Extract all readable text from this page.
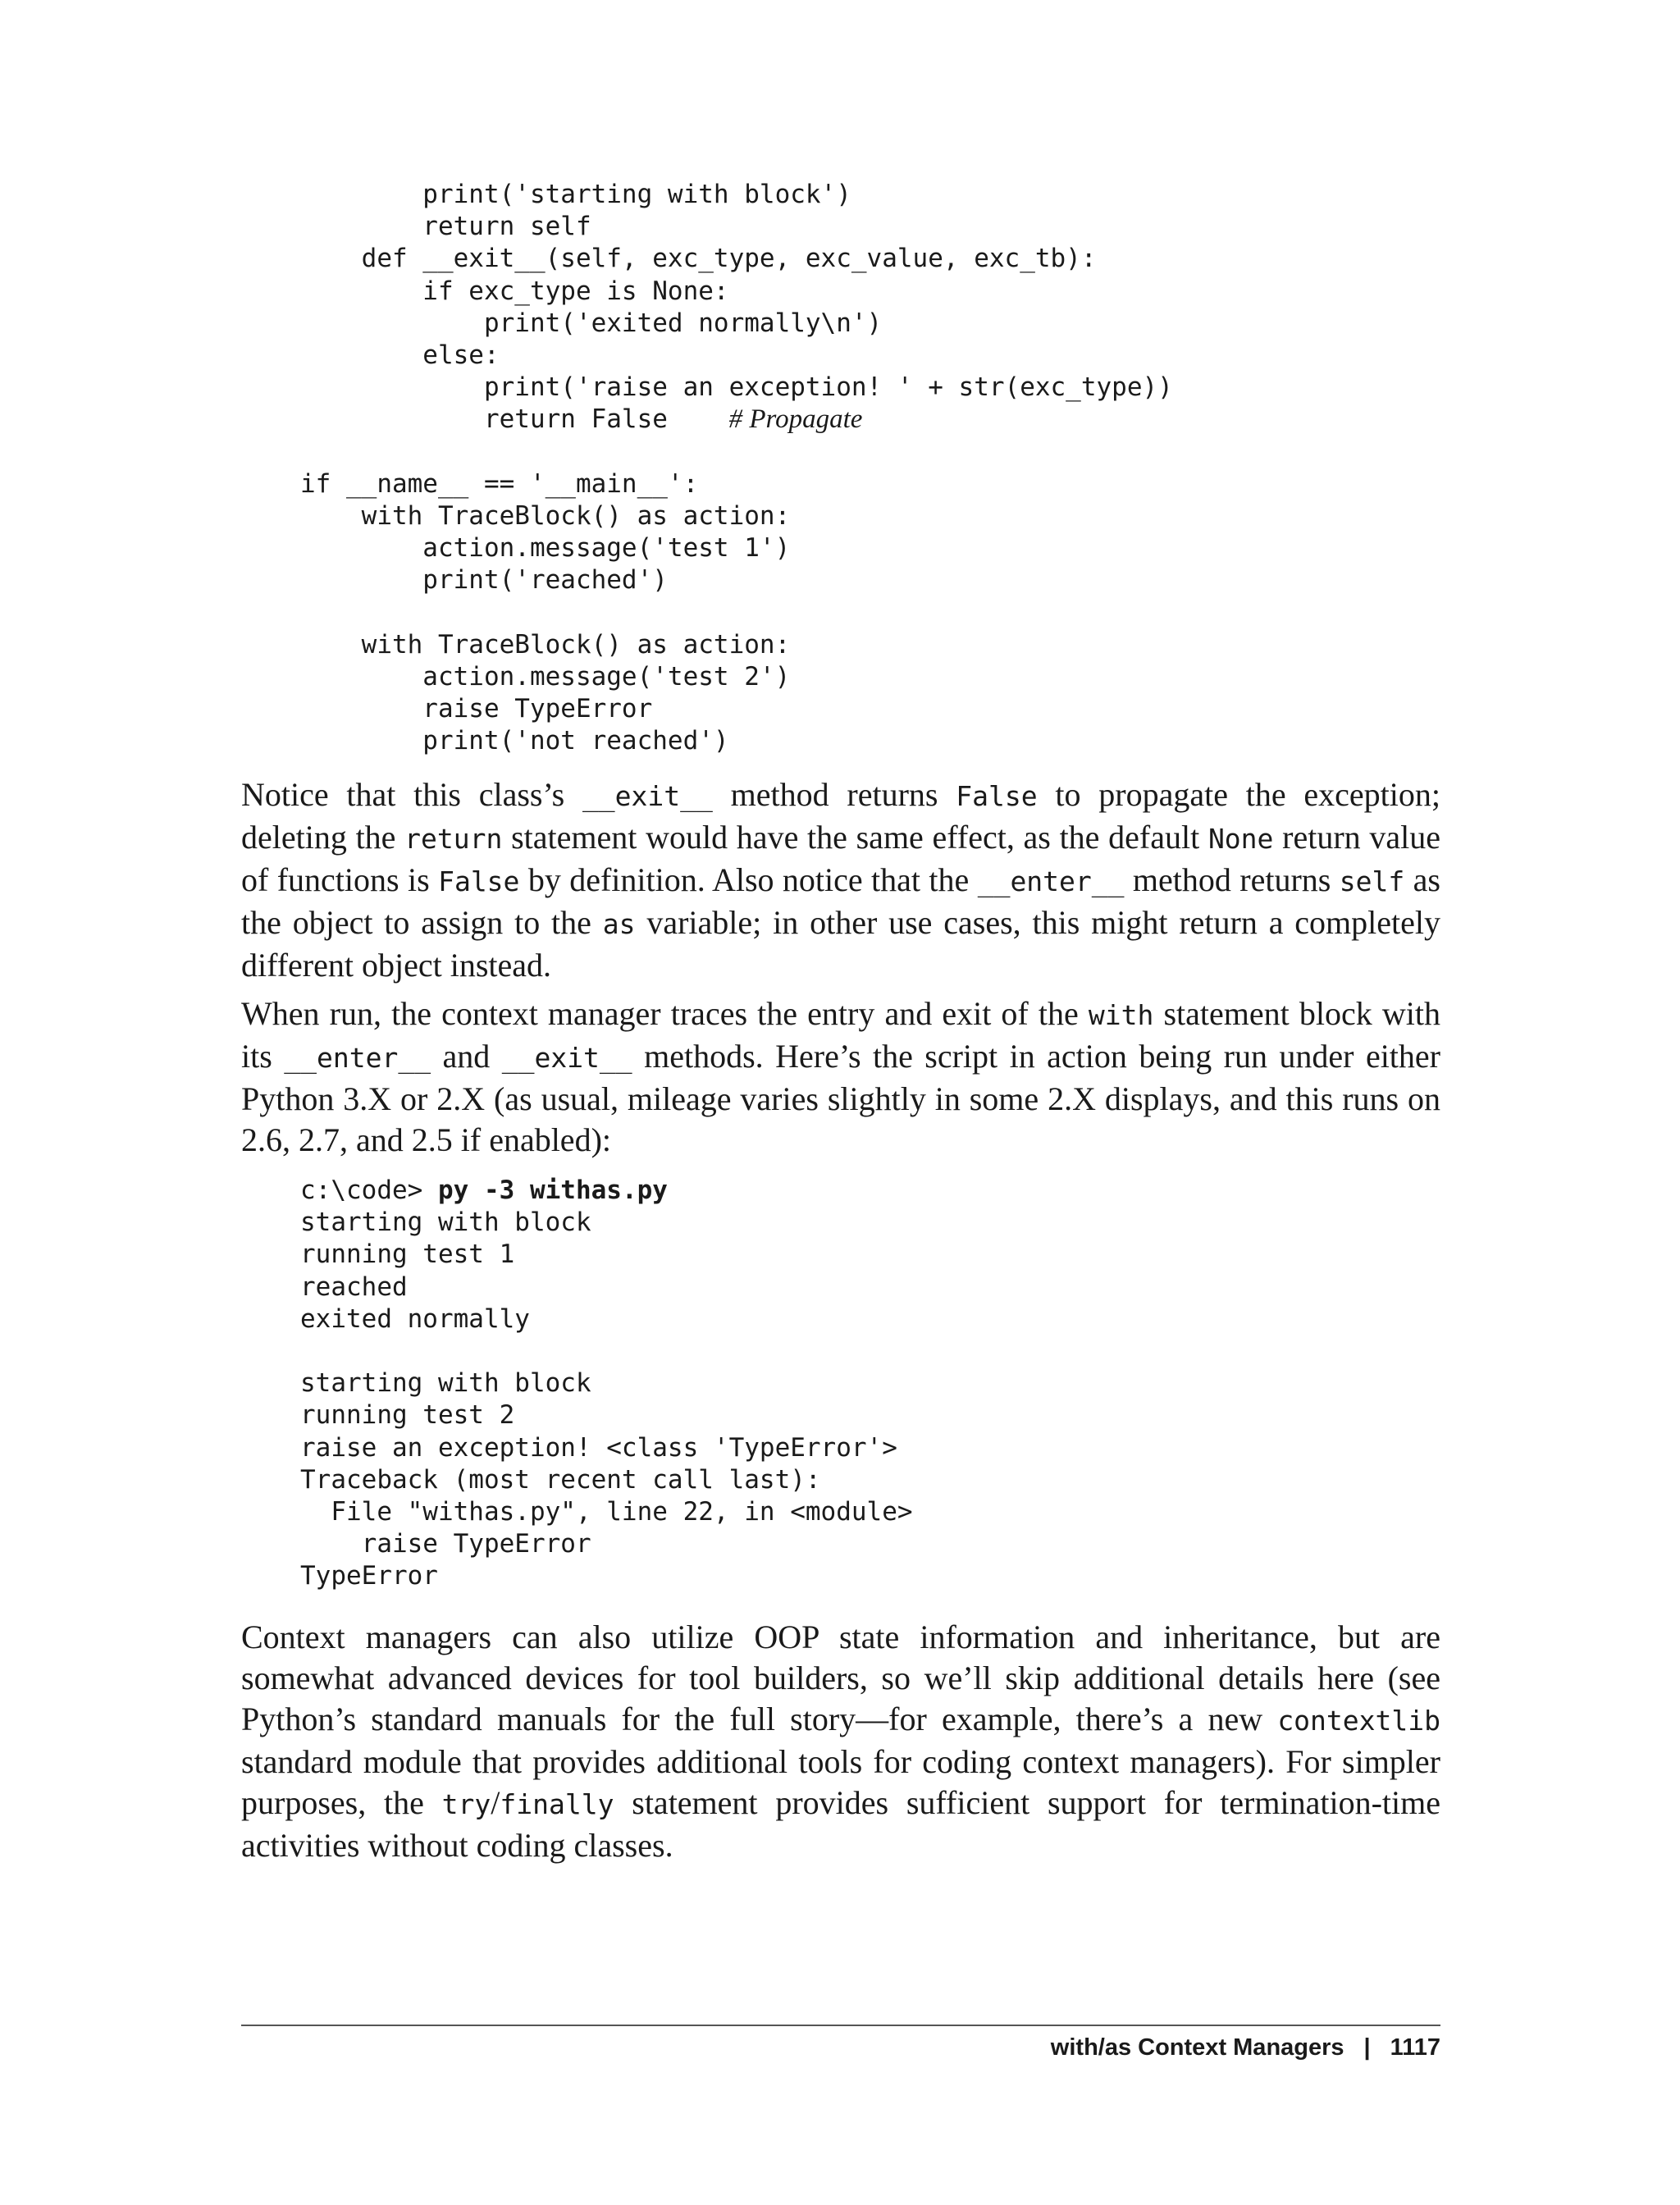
print('starting with block')
return self
def __exit__(self, exc_type, exc_value, exc_tb):
if exc_type is None:
print('exited normally\n')
else:
print('raise an exception! ' + str(exc_type))
return False    # Propagate

if __name__ == '__main__':
with TraceBlock() as action:
action.message('test 1')
print('reached')

with TraceBlock() as action:
action.message('test 2')
raise TypeError
print('not reached')

Notice that this class’s __exit__ method returns False to propagate the exception; deleting the return statement would have the same effect, as the default None return value of functions is False by definition. Also notice that the __enter__ method returns self as the object to assign to the as variable; in other use cases, this might return a completely different object instead.

When run, the context manager traces the entry and exit of the with statement block with its __enter__ and __exit__ methods. Here’s the script in action being run under either Python 3.X or 2.X (as usual, mileage varies slightly in some 2.X displays, and this runs on 2.6, 2.7, and 2.5 if enabled):

c:\code> py -3 withas.py
starting with block
running test 1
reached
exited normally

starting with block
running test 2
raise an exception! <class 'TypeError'>
Traceback (most recent call last):
File "withas.py", line 22, in <module>
raise TypeError
TypeError

Context managers can also utilize OOP state information and inheritance, but are somewhat advanced devices for tool builders, so we’ll skip additional details here (see Python’s standard manuals for the full story—for example, there’s a new contextlib standard module that provides additional tools for coding context managers). For simpler purposes, the try/finally statement provides sufficient support for termination-time activities without coding classes.

with/as Context Managers | 1117
